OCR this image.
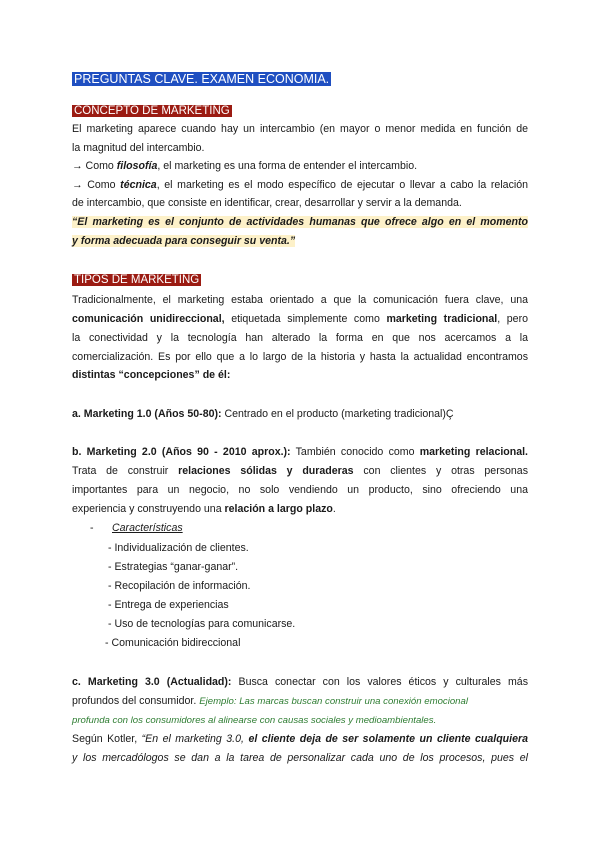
PREGUNTAS CLAVE. EXAMEN ECONOMIA.
CONCEPTO DE MARKETING
El marketing aparece cuando hay un intercambio (en mayor o menor medida en función de
la magnitud del intercambio.
→ Como filosofía, el marketing es una forma de entender el intercambio.
→ Como técnica, el marketing es el modo específico de ejecutar o llevar a cabo la relación
de intercambio, que consiste en identificar, crear, desarrollar y servir a la demanda.
“El marketing es el conjunto de actividades humanas que ofrece algo en el momento
y forma adecuada para conseguir su venta.”
TIPOS DE MARKETING
Tradicionalmente, el marketing estaba orientado a que la comunicación fuera clave, una
comunicación unidireccional, etiquetada simplemente como marketing tradicional, pero
la conectividad y la tecnología han alterado la forma en que nos acercamos a la
comercialización. Es por ello que a lo largo de la historia y hasta la actualidad encontramos
distintas “concepciones” de él:
a. Marketing 1.0 (Años 50-80): Centrado en el producto (marketing tradicional)Ç
b. Marketing 2.0 (Años 90 - 2010 aprox.): También conocido como marketing relacional.
Trata de construir relaciones sólidas y duraderas con clientes y otras personas
importantes para un negocio, no solo vendiendo un producto, sino ofreciendo una
experiencia y construyendo una relación a largo plazo.
- Características
- Individualización de clientes.
- Estrategias “ganar-ganar”.
- Recopilación de información.
- Entrega de experiencias
- Uso de tecnologías para comunicarse.
- Comunicación bidireccional
c. Marketing 3.0 (Actualidad): Busca conectar con los valores éticos y culturales más
profundos del consumidor. Ejemplo: Las marcas buscan construir una conexión emocional
profunda con los consumidores al alinearse con causas sociales y medioambientales.
Según Kotler, “En el marketing 3.0, el cliente deja de ser solamente un cliente cualquiera
y los mercadólogos se dan a la tarea de personalizar cada uno de los procesos, pues el
